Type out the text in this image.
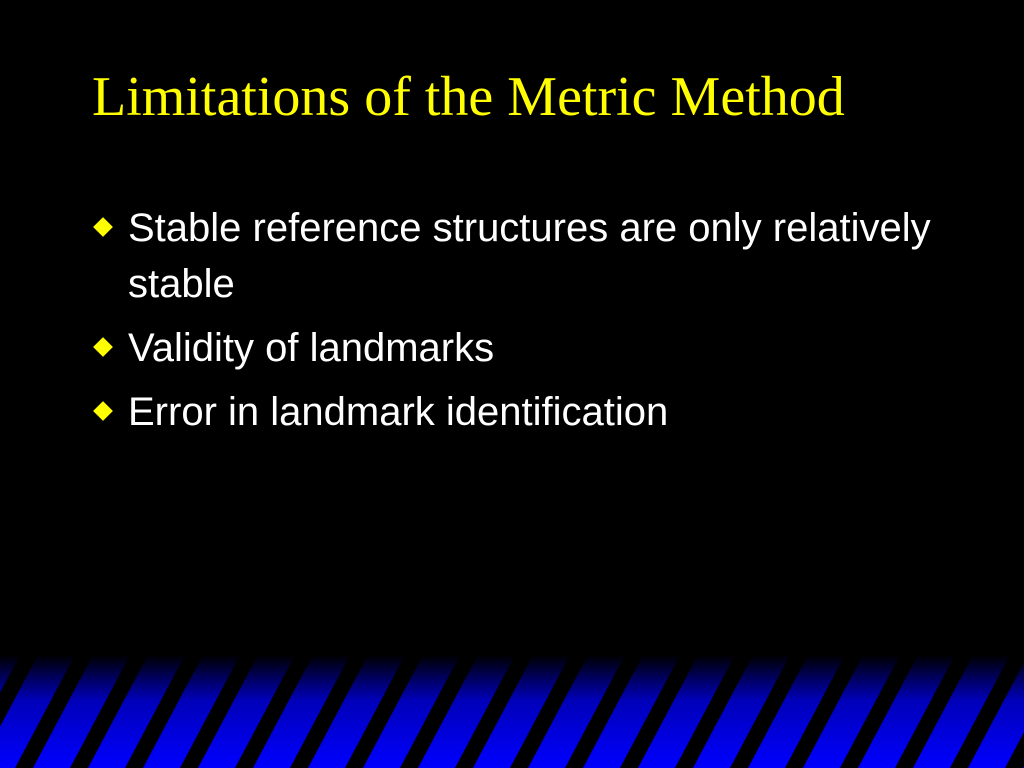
Limitations of the Metric Method
Stable reference structures are only relatively stable
Validity of landmarks
Error in landmark identification
